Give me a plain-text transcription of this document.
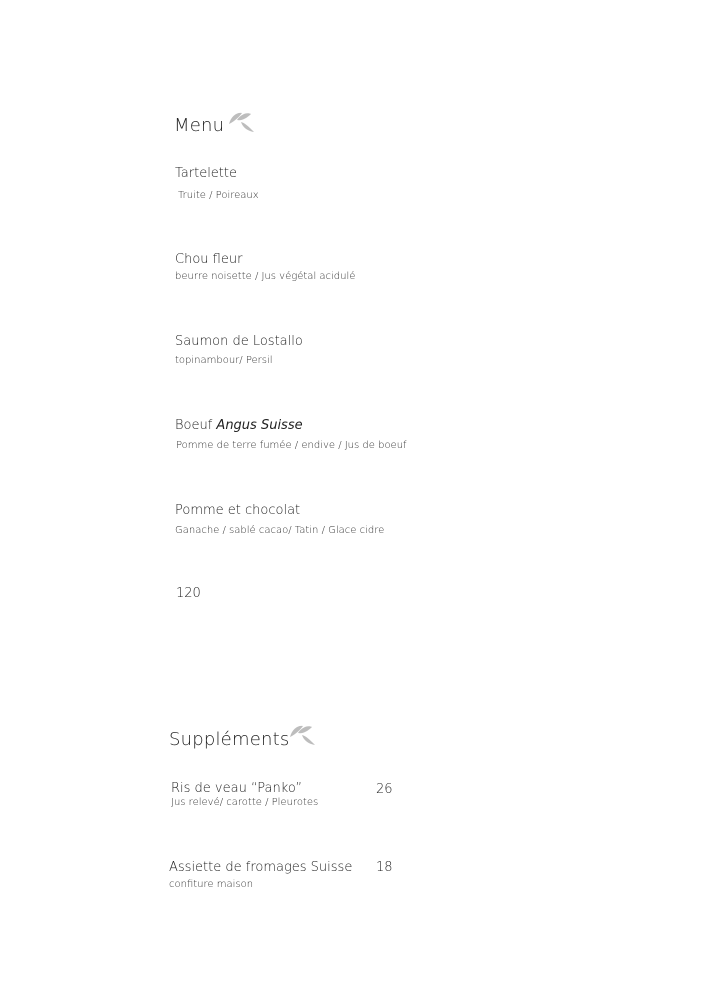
Menu
Tartelette
Truite / Poireaux
Chou fleur
beurre noisette / Jus végétal acidulé
Saumon de Lostallo
topinambour/ Persil
Boeuf Angus Suisse
Pomme de terre fumée / endive / Jus de boeuf
Pomme et chocolat
Ganache / sablé cacao/ Tatin / Glace cidre
120
Suppléments
Ris de veau “Panko”	26
Jus relevé/ carotte / Pleurotes
Assiette de fromages Suisse 18
confiture maison
